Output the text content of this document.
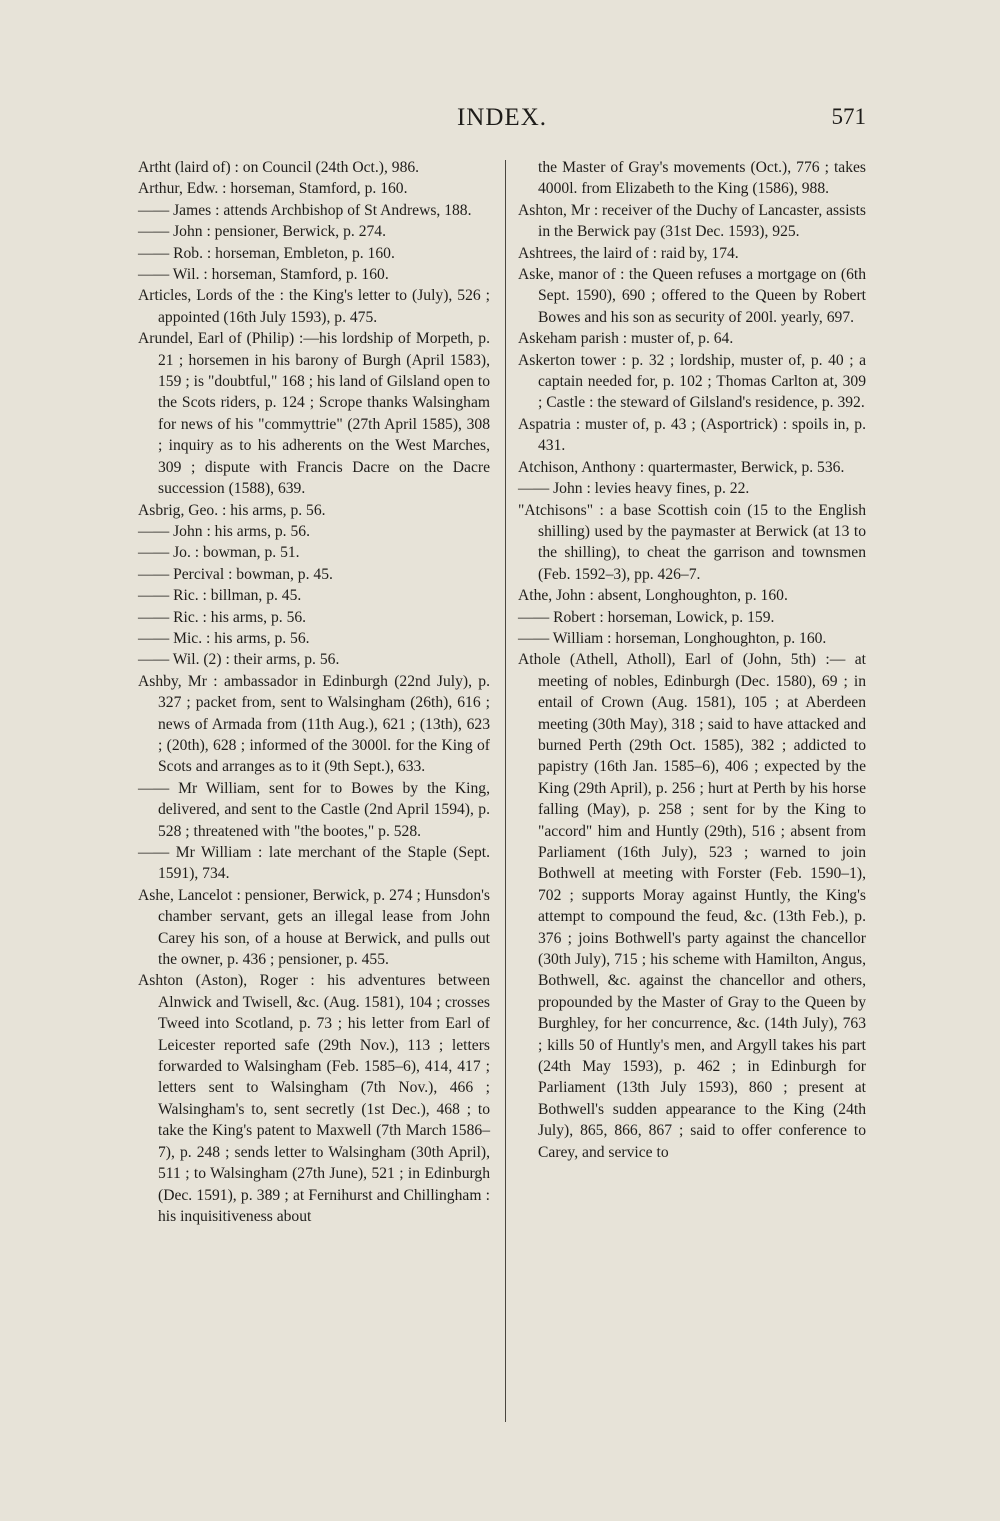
INDEX.	571
Artht (laird of) : on Council (24th Oct.), 986.
Arthur, Edw. : horseman, Stamford, p. 160.
—— James : attends Archbishop of St Andrews, 188.
—— John : pensioner, Berwick, p. 274.
—— Rob. : horseman, Embleton, p. 160.
—— Wil. : horseman, Stamford, p. 160.
Articles, Lords of the : the King's letter to (July), 526 ; appointed (16th July 1593), p. 475.
Arundel, Earl of (Philip) :—his lordship of Morpeth, p. 21 ; horsemen in his barony of Burgh (April 1583), 159 ; is "doubtful," 168 ; his land of Gilsland open to the Scots riders, p. 124 ; Scrope thanks Walsingham for news of his "commyttrie" (27th April 1585), 308 ; inquiry as to his adherents on the West Marches, 309 ; dispute with Francis Dacre on the Dacre succession (1588), 639.
Asbrig, Geo. : his arms, p. 56.
—— John : his arms, p. 56.
—— Jo. : bowman, p. 51.
—— Percival : bowman, p. 45.
—— Ric. : billman, p. 45.
—— Ric. : his arms, p. 56.
—— Mic. : his arms, p. 56.
—— Wil. (2) : their arms, p. 56.
Ashby, Mr : ambassador in Edinburgh (22nd July), p. 327 ; packet from, sent to Walsingham (26th), 616 ; news of Armada from (11th Aug.), 621 ; (13th), 623 ; (20th), 628 ; informed of the 3000l. for the King of Scots and arranges as to it (9th Sept.), 633.
—— Mr William, sent for to Bowes by the King, delivered, and sent to the Castle (2nd April 1594), p. 528 ; threatened with "the bootes," p. 528.
—— Mr William : late merchant of the Staple (Sept. 1591), 734.
Ashe, Lancelot : pensioner, Berwick, p. 274 ; Hunsdon's chamber servant, gets an illegal lease from John Carey his son, of a house at Berwick, and pulls out the owner, p. 436 ; pensioner, p. 455.
Ashton (Aston), Roger : his adventures between Alnwick and Twisell, &c. (Aug. 1581), 104 ; crosses Tweed into Scotland, p. 73 ; his letter from Earl of Leicester reported safe (29th Nov.), 113 ; letters forwarded to Walsingham (Feb. 1585–6), 414, 417 ; letters sent to Walsingham (7th Nov.), 466 ; Walsingham's to, sent secretly (1st Dec.), 468 ; to take the King's patent to Maxwell (7th March 1586–7), p. 248 ; sends letter to Walsingham (30th April), 511 ; to Walsingham (27th June), 521 ; in Edinburgh (Dec. 1591), p. 389 ; at Fernihurst and Chillingham : his inquisitiveness about
the Master of Gray's movements (Oct.), 776 ; takes 4000l. from Elizabeth to the King (1586), 988.
Ashton, Mr : receiver of the Duchy of Lancaster, assists in the Berwick pay (31st Dec. 1593), 925.
Ashtrees, the laird of : raid by, 174.
Aske, manor of : the Queen refuses a mortgage on (6th Sept. 1590), 690 ; offered to the Queen by Robert Bowes and his son as security of 200l. yearly, 697.
Askeham parish : muster of, p. 64.
Askerton tower : p. 32 ; lordship, muster of, p. 40 ; a captain needed for, p. 102 ; Thomas Carlton at, 309 ; Castle : the steward of Gilsland's residence, p. 392.
Aspatria : muster of, p. 43 ; (Asportrick) : spoils in, p. 431.
Atchison, Anthony : quartermaster, Berwick, p. 536.
—— John : levies heavy fines, p. 22.
"Atchisons" : a base Scottish coin (15 to the English shilling) used by the paymaster at Berwick (at 13 to the shilling), to cheat the garrison and townsmen (Feb. 1592–3), pp. 426–7.
Athe, John : absent, Longhoughton, p. 160.
—— Robert : horseman, Lowick, p. 159.
—— William : horseman, Longhoughton, p. 160.
Athole (Athell, Atholl), Earl of (John, 5th) :— at meeting of nobles, Edinburgh (Dec. 1580), 69 ; in entail of Crown (Aug. 1581), 105 ; at Aberdeen meeting (30th May), 318 ; said to have attacked and burned Perth (29th Oct. 1585), 382 ; addicted to papistry (16th Jan. 1585–6), 406 ; expected by the King (29th April), p. 256 ; hurt at Perth by his horse falling (May), p. 258 ; sent for by the King to "accord" him and Huntly (29th), 516 ; absent from Parliament (16th July), 523 ; warned to join Bothwell at meeting with Forster (Feb. 1590–1), 702 ; supports Moray against Huntly, the King's attempt to compound the feud, &c. (13th Feb.), p. 376 ; joins Bothwell's party against the chancellor (30th July), 715 ; his scheme with Hamilton, Angus, Bothwell, &c. against the chancellor and others, propounded by the Master of Gray to the Queen by Burghley, for her concurrence, &c. (14th July), 763 ; kills 50 of Huntly's men, and Argyll takes his part (24th May 1593), p. 462 ; in Edinburgh for Parliament (13th July 1593), 860 ; present at Bothwell's sudden appearance to the King (24th July), 865, 866, 867 ; said to offer conference to Carey, and service to
